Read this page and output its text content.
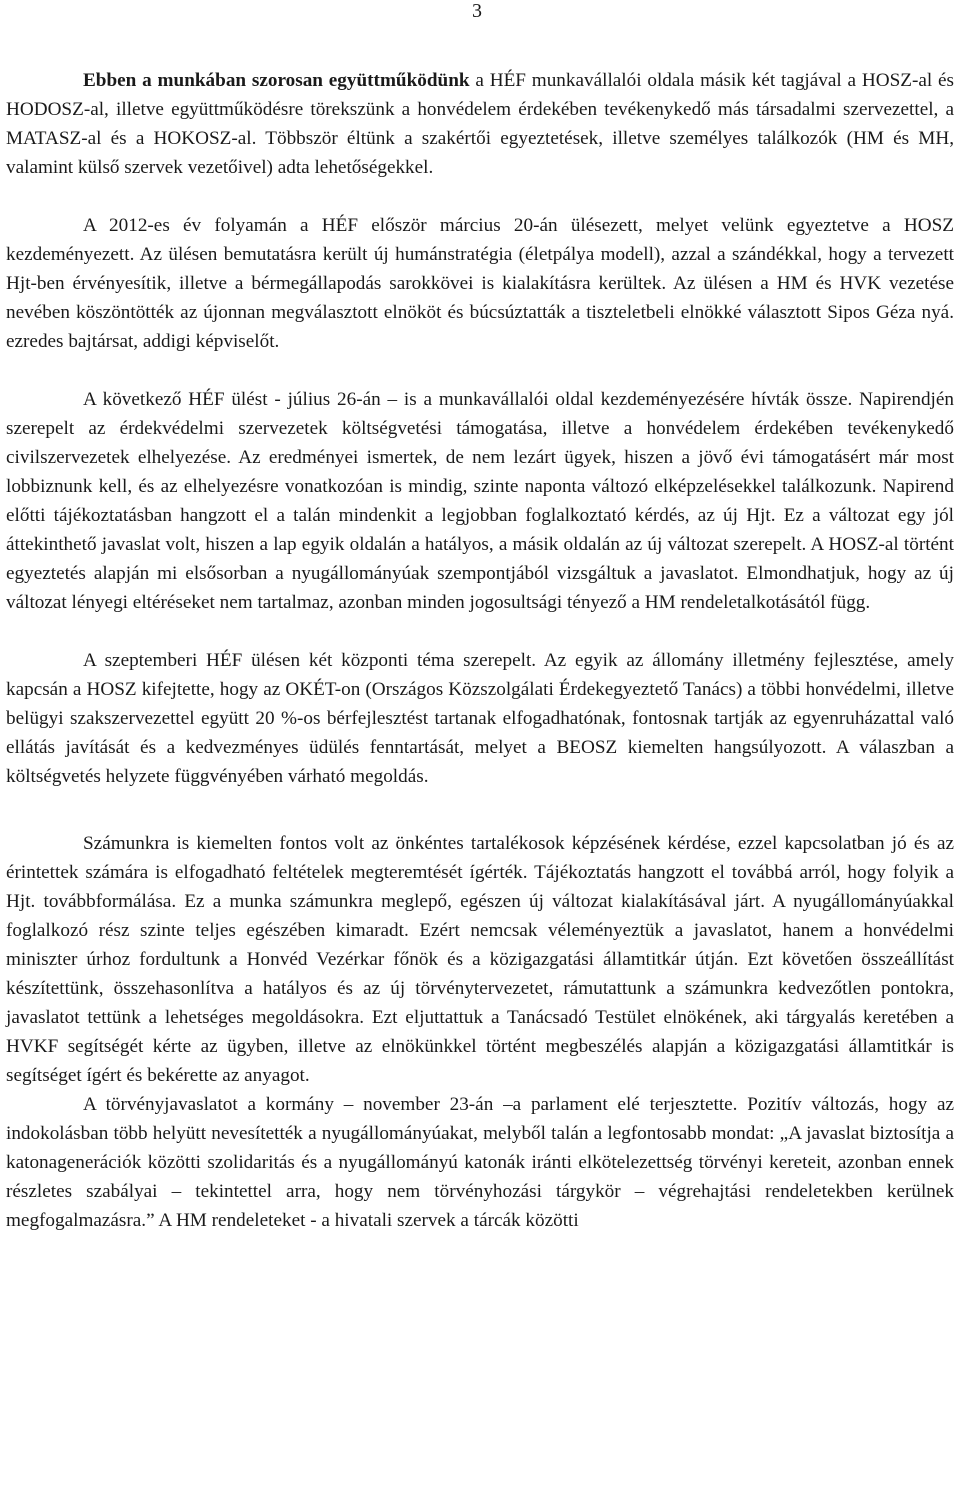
3

Ebben a munkában szorosan együttműködünk a HÉF munkavállalói oldala másik két tagjával a HOSZ-al és HODOSZ-al, illetve együttműködésre törekszünk a honvédelem érdekében tevékenykedő más társadalmi szervezettel, a MATASZ-al és a HOKOSZ-al. Többször éltünk a szakértői egyeztetések, illetve személyes találkozók (HM és MH, valamint külső szervek vezetőivel) adta lehetőségekkel.

A 2012-es év folyamán a HÉF először március 20-án ülésezett, melyet velünk egyeztetve a HOSZ kezdeményezett. Az ülésen bemutatásra került új humánstratégia (életpálya modell), azzal a szándékkal, hogy a tervezett Hjt-ben érvényesítik, illetve a bérmegállapodás sarokkövei is kialakításra kerültek. Az ülésen a HM és HVK vezetése nevében köszöntötték az újonnan megválasztott elnököt és búcsúztatták a tiszteletbeli elnökké választott Sipos Géza nyá. ezredes bajtársat, addigi képviselőt.

A következő HÉF ülést - július 26-án – is a munkavállalói oldal kezdeményezésére hívták össze. Napirendjén szerepelt az érdekvédelmi szervezetek költségvetési támogatása, illetve a honvédelem érdekében tevékenykedő civilszervezetek elhelyezése. Az eredményei ismertek, de nem lezárt ügyek, hiszen a jövő évi támogatásért már most lobbiznunk kell, és az elhelyezésre vonatkozóan is mindig, szinte naponta változó elképzelésekkel találkozunk. Napirend előtti tájékoztatásban hangzott el a talán mindenkit a legjobban foglalkoztató kérdés, az új Hjt. Ez a változat egy jól áttekinthető javaslat volt, hiszen a lap egyik oldalán a hatályos, a másik oldalán az új változat szerepelt. A HOSZ-al történt egyeztetés alapján mi elsősorban a nyugállományúak szempontjából vizsgáltuk a javaslatot. Elmondhatjuk, hogy az új változat lényegi eltéréseket nem tartalmaz, azonban minden jogosultsági tényező a HM rendeletalkotásától függ.

A szeptemberi HÉF ülésen két központi téma szerepelt. Az egyik az állomány illetmény fejlesztése, amely kapcsán a HOSZ kifejtette, hogy az OKÉT-on (Országos Közszolgálati Érdekegyeztető Tanács) a többi honvédelmi, illetve belügyi szakszervezettel együtt 20 %-os bérfejlesztést tartanak elfogadhatónak, fontosnak tartják az egyenruházattal való ellátás javítását és a kedvezményes üdülés fenntartását, melyet a BEOSZ kiemelten hangsúlyozott. A válaszban a költségvetés helyzete függvényében várható megoldás.

Számunkra is kiemelten fontos volt az önkéntes tartalékosok képzésének kérdése, ezzel kapcsolatban jó és az érintettek számára is elfogadható feltételek megteremtését ígérték. Tájékoztatás hangzott el továbbá arról, hogy folyik a Hjt. továbbformálása. Ez a munka számunkra meglepő, egészen új változat kialakításával járt. A nyugállományúakkal foglalkozó rész szinte teljes egészében kimaradt. Ezért nemcsak véleményeztük a javaslatot, hanem a honvédelmi miniszter úrhoz fordultunk a Honvéd Vezérkar főnök és a közigazgatási államtitkár útján. Ezt követően összeállítást készítettünk, összehasonlítva a hatályos és az új törvénytervezetet, rámutattunk a számunkra kedvezőtlen pontokra, javaslatot tettünk a lehetséges megoldásokra. Ezt eljuttattuk a Tanácsadó Testület elnökének, aki tárgyalás keretében a HVKF segítségét kérte az ügyben, illetve az elnökünkkel történt megbeszélés alapján a közigazgatási államtitkár is segítséget ígért és bekérette az anyagot.

A törvényjavaslatot a kormány – november 23-án –a parlament elé terjesztette. Pozitív változás, hogy az indokolásban több helyütt nevesítették a nyugállományúakat, melyből talán a legfontosabb mondat: „A javaslat biztosítja a katonagenerációk közötti szolidaritás és a nyugállományú katonák iránti elkötelezettség törvényi kereteit, azonban ennek részletes szabályai – tekintettel arra, hogy nem törvényhozási tárgykör – végrehajtási rendeletekben kerülnek megfogalmazásra.” A HM rendeleteket - a hivatali szervek a tárcák közötti
